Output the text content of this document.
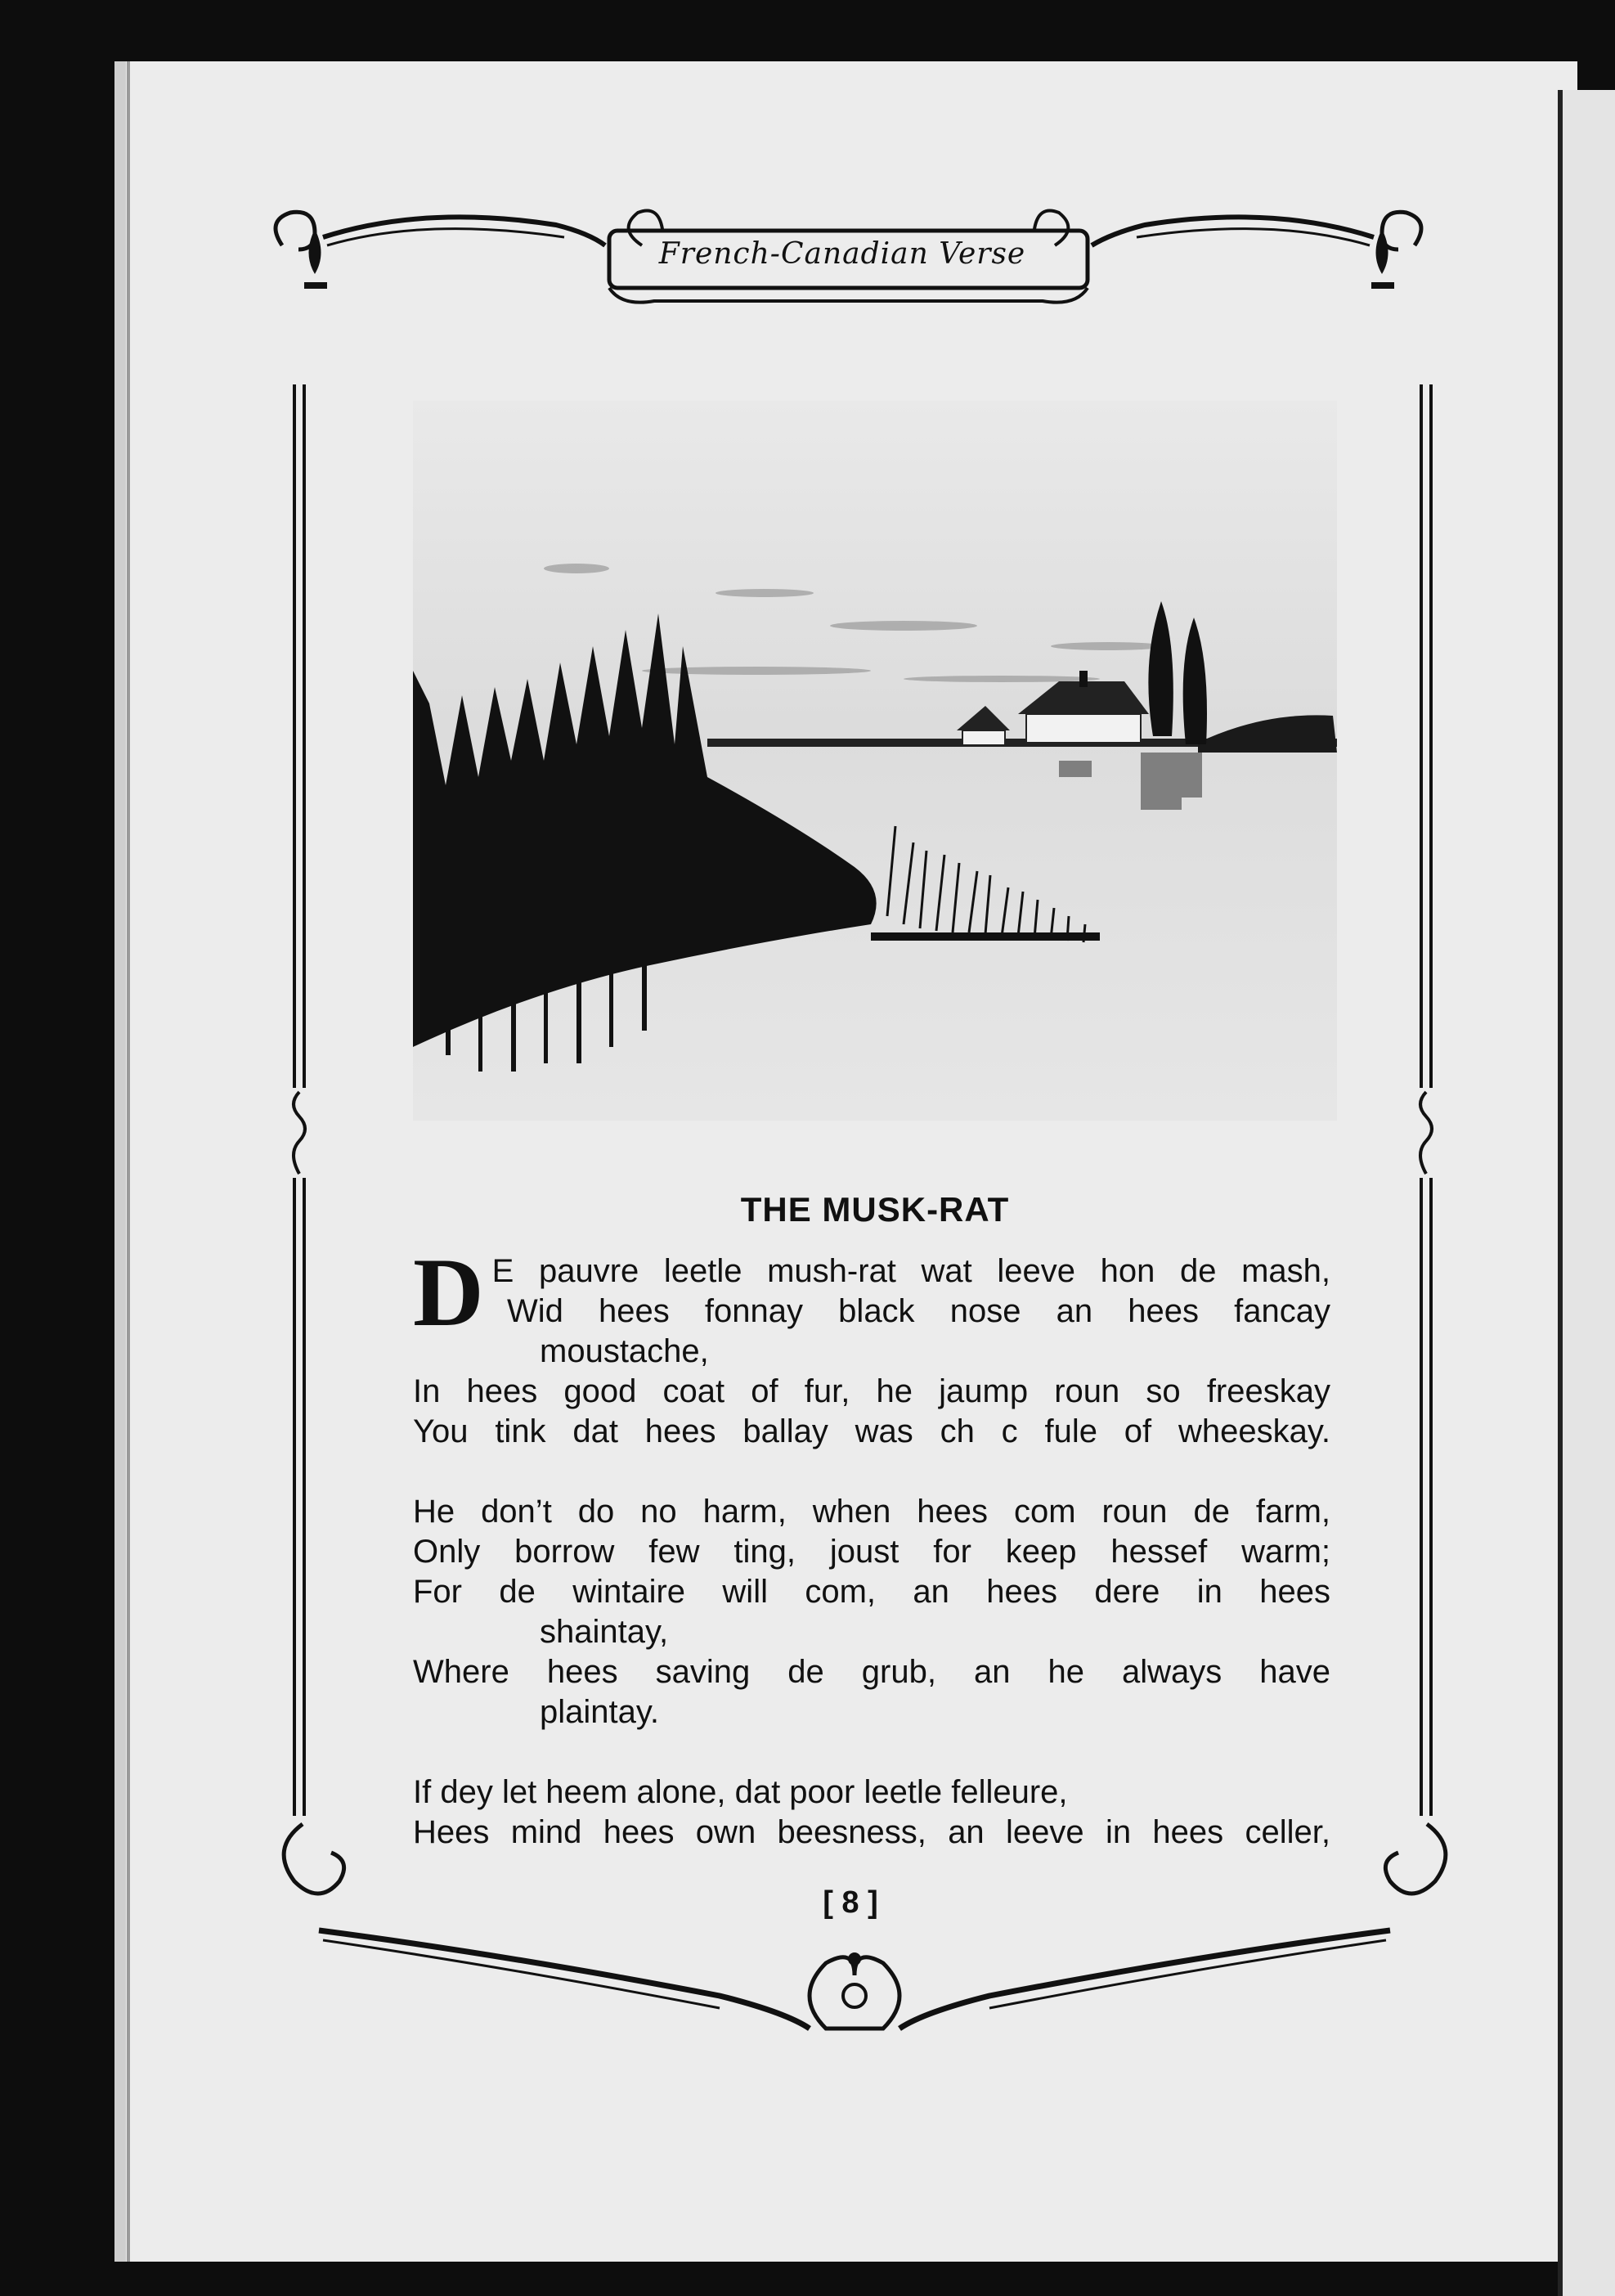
French-Canadian Verse
THE MUSK-RAT
D E pauvre leetle mush-rat wat leeve hon de mash,
Wid hees fonnay black nose an hees fancay
moustache,
In hees good coat of fur, he jaump roun so freeskay
You tink dat hees ballay was ch c fule of wheeskay.
He don’t do no harm, when hees com roun de farm,
Only borrow few ting, joust for keep hessef warm;
For de wintaire will com, an hees dere in hees
shaintay,
Where hees saving de grub, an he always have
plaintay.
If dey let heem alone, dat poor leetle felleure,
Hees mind hees own beesness, an leeve in hees celler,
[ 8 ]
